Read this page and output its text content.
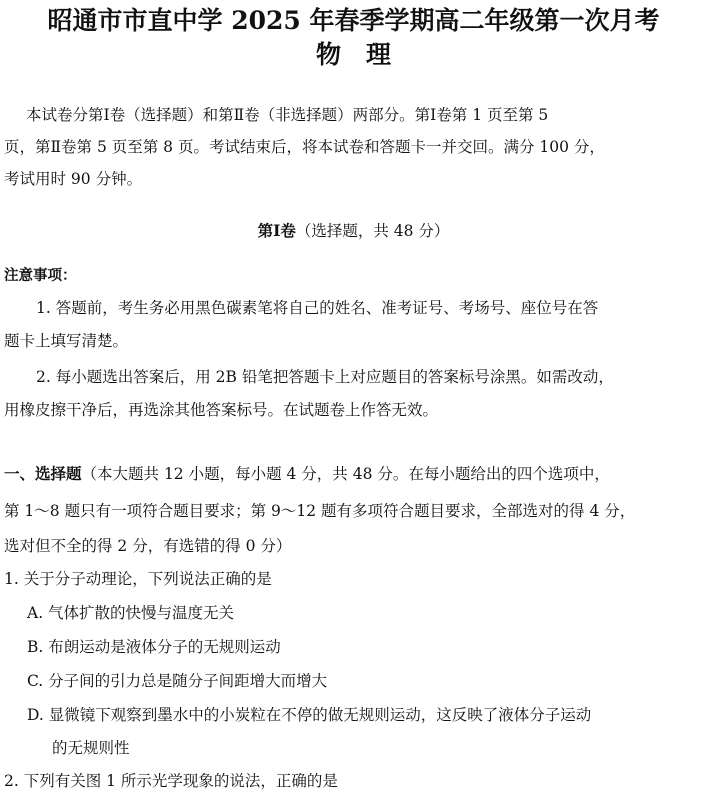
昭通市市直中学 2025 年春季学期高二年级第一次月考
物　理
本试卷分第Ⅰ卷（选择题）和第Ⅱ卷（非选择题）两部分。第Ⅰ卷第 1 页至第 5
页，第Ⅱ卷第 5 页至第 8 页。考试结束后，将本试卷和答题卡一并交回。满分 100 分，
考试用时 90 分钟。
第Ⅰ卷（选择题，共 48 分）
注意事项：
1. 答题前，考生务必用黑色碳素笔将自己的姓名、准考证号、考场号、座位号在答
题卡上填写清楚。
2. 每小题选出答案后，用 2B 铅笔把答题卡上对应题目的答案标号涂黑。如需改动，
用橡皮擦干净后，再选涂其他答案标号。在试题卷上作答无效。
一、选择题（本大题共 12 小题，每小题 4 分，共 48 分。在每小题给出的四个选项中，
第 1～8 题只有一项符合题目要求；第 9～12 题有多项符合题目要求，全部选对的得 4 分，
选对但不全的得 2 分，有选错的得 0 分）
1. 关于分子动理论，下列说法正确的是
A. 气体扩散的快慢与温度无关
B. 布朗运动是液体分子的无规则运动
C. 分子间的引力总是随分子间距增大而增大
D. 显微镜下观察到墨水中的小炭粒在不停的做无规则运动，这反映了液体分子运动
的无规则性
2. 下列有关图 1 所示光学现象的说法，正确的是
